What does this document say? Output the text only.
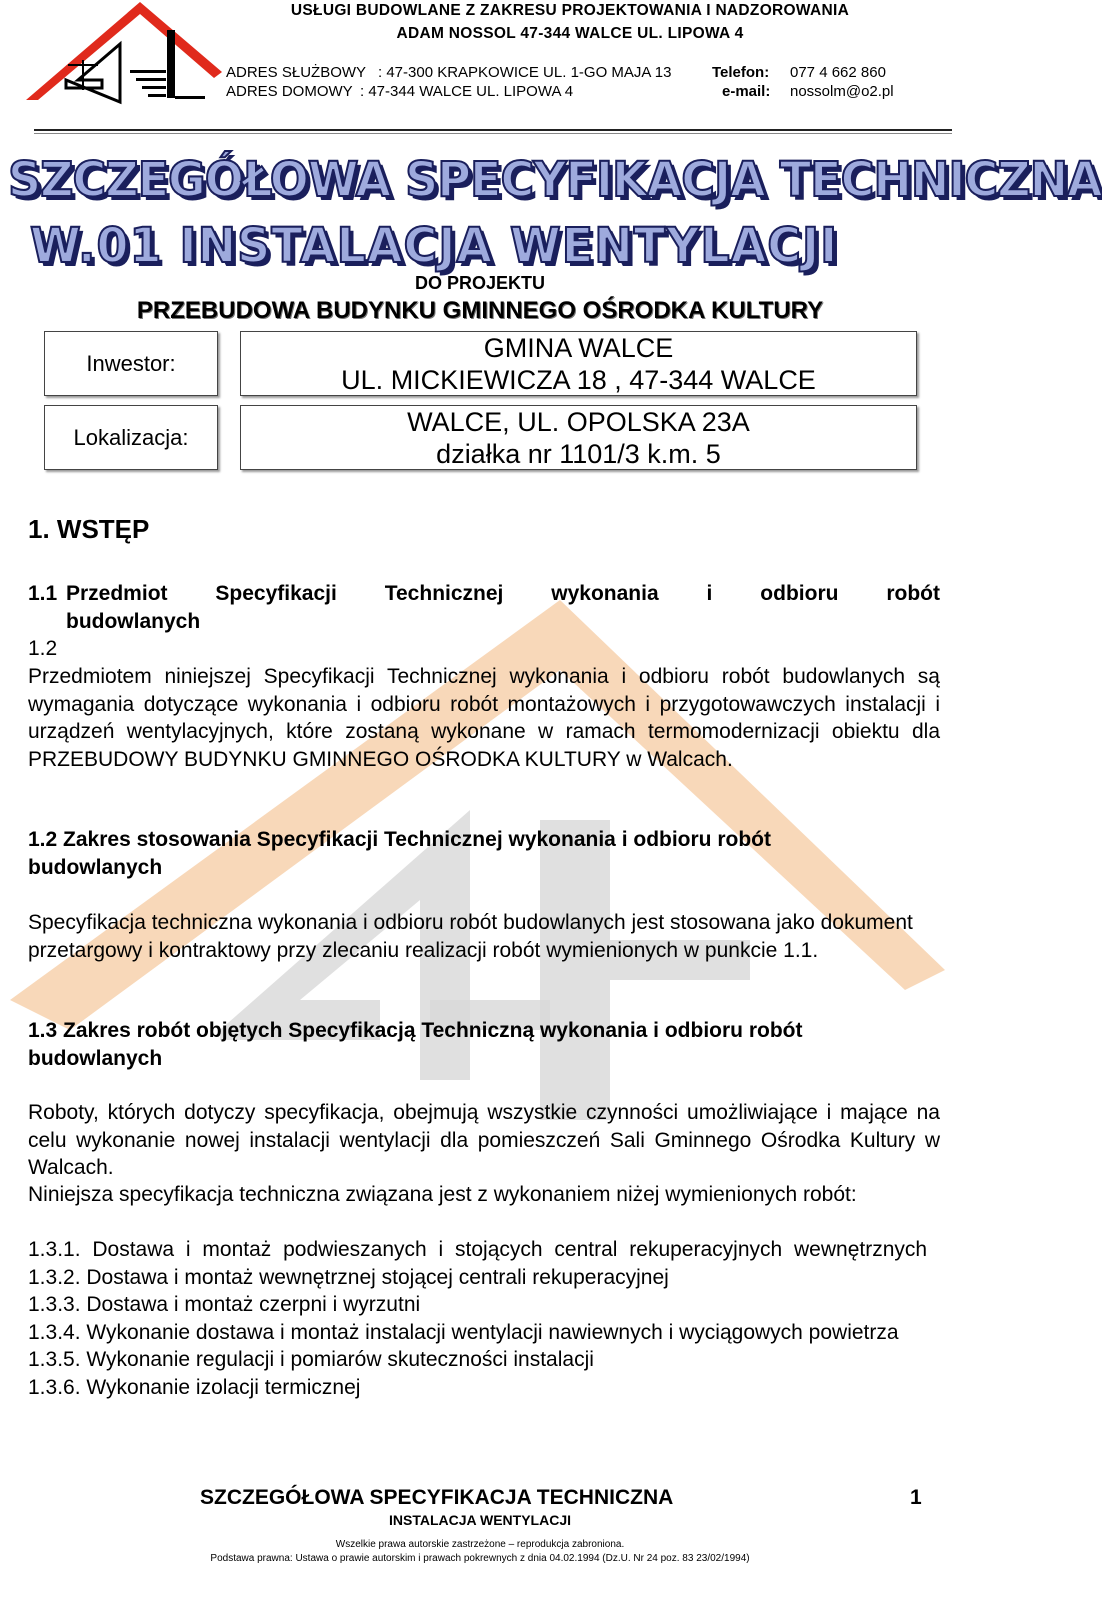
USŁUGI BUDOWLANE Z ZAKRESU PROJEKTOWANIA I NADZOROWANIA
ADAM NOSSOL 47-344 WALCE UL. LIPOWA 4
ADRES SŁUŻBOWY : 47-300 KRAPKOWICE UL. 1-GO MAJA 13	Telefon: 077 4 662 860
ADRES DOMOWY : 47-344 WALCE UL. LIPOWA 4	e-mail: nossolm@o2.pl
SZCZEGÓŁOWA SPECYFIKACJA TECHNICZNA
W.01 INSTALACJA WENTYLACJI
DO PROJEKTU
PRZEBUDOWA BUDYNKU GMINNEGO OŚRODKA KULTURY
Inwestor:
GMINA WALCE
UL. MICKIEWICZA 18 , 47-344 WALCE
Lokalizacja:
WALCE, UL. OPOLSKA 23A
działka nr 1101/3 k.m. 5
1. WSTĘP
1.1 Przedmiot Specyfikacji Technicznej wykonania i odbioru robót
budowlanych
1.2
Przedmiotem niniejszej Specyfikacji Technicznej wykonania i odbioru robót budowlanych są wymagania dotyczące wykonania i odbioru robót montażowych i przygotowawczych instalacji i urządzeń wentylacyjnych, które zostaną wykonane w ramach termomodernizacji obiektu dla PRZEBUDOWY BUDYNKU GMINNEGO OŚRODKA KULTURY w Walcach.
1.2 Zakres stosowania Specyfikacji Technicznej wykonania i odbioru robót budowlanych
Specyfikacja techniczna wykonania i odbioru robót budowlanych jest stosowana jako dokument przetargowy i kontraktowy przy zlecaniu realizacji robót wymienionych w punkcie 1.1.
1.3 Zakres robót objętych Specyfikacją Techniczną wykonania i odbioru robót budowlanych
Roboty, których dotyczy specyfikacja, obejmują wszystkie czynności umożliwiające i mające na celu wykonanie nowej instalacji wentylacji dla pomieszczeń Sali Gminnego Ośrodka Kultury w Walcach.
Niniejsza specyfikacja techniczna związana jest z wykonaniem niżej wymienionych robót:
1.3.1. Dostawa i montaż podwieszanych i stojących central rekuperacyjnych wewnętrznych
1.3.2. Dostawa i montaż wewnętrznej stojącej centrali rekuperacyjnej
1.3.3. Dostawa i montaż czerpni i wyrzutni
1.3.4. Wykonanie dostawa i montaż instalacji wentylacji nawiewnych i wyciągowych powietrza
1.3.5. Wykonanie regulacji i pomiarów skuteczności instalacji
1.3.6. Wykonanie izolacji termicznej
SZCZEGÓŁOWA SPECYFIKACJA TECHNICZNA	1
INSTALACJA WENTYLACJI
Wszelkie prawa autorskie zastrzeżone – reprodukcja zabroniona.
Podstawa prawna: Ustawa o prawie autorskim i prawach pokrewnych z dnia 04.02.1994 (Dz.U. Nr 24 poz. 83 23/02/1994)
